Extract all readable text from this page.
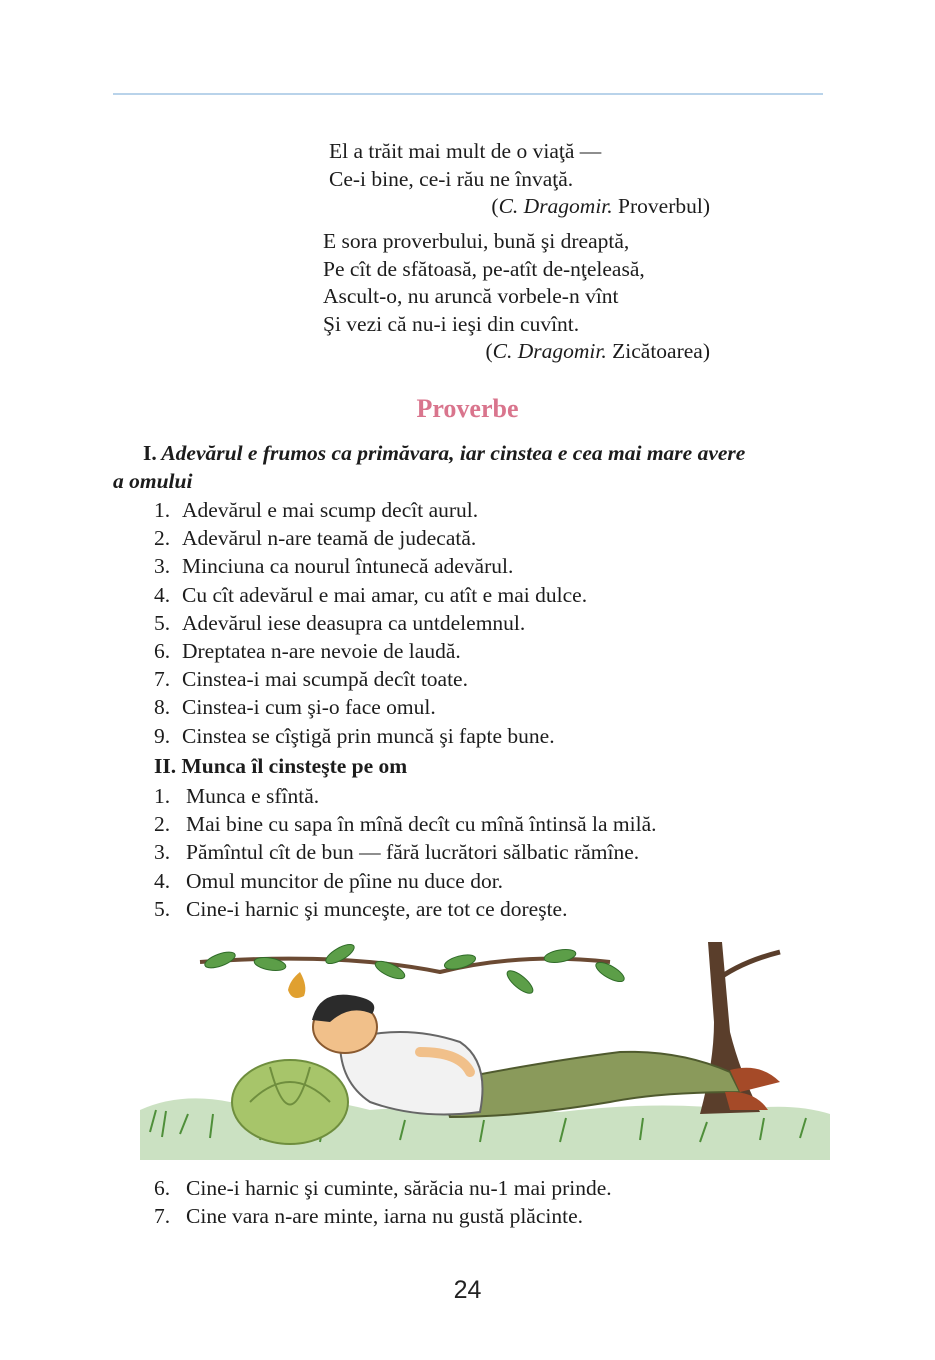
El a trăit mai mult de o viaţă —
Ce-i bine, ce-i rău ne învaţă.
(C. Dragomir. Proverbul)
E sora proverbului, bună şi dreaptă,
Pe cît de sfătoasă, pe-atît de-nţeleasă,
Ascult-o, nu aruncă vorbele-n vînt
Şi vezi că nu-i ieşi din cuvînt.
(C. Dragomir. Zicătoarea)
Proverbe
I. Adevărul e frumos ca primăvara, iar cinstea e cea mai mare avere
a omului
1. Adevărul e mai scump decît aurul.
2. Adevărul n-are teamă de judecată.
3. Minciuna ca nourul întunecă adevărul.
4. Cu cît adevărul e mai amar, cu atît e mai dulce.
5. Adevărul iese deasupra ca untdelemnul.
6. Dreptatea n-are nevoie de laudă.
7. Cinstea-i mai scumpă decît toate.
8. Cinstea-i cum şi-o face omul.
9. Cinstea se cîştigă prin muncă şi fapte bune.
II. Munca îl cinsteşte pe om
1. Munca e sfîntă.
2. Mai bine cu sapa în mînă decît cu mînă întinsă la milă.
3. Pămîntul cît de bun — fără lucrători sălbatic rămîne.
4. Omul muncitor de pîine nu duce dor.
5. Cine-i harnic şi munceşte, are tot ce doreşte.
6. Cine-i harnic şi cuminte, sărăcia nu-1 mai prinde.
7. Cine vara n-are minte, iarna nu gustă plăcinte.
24
